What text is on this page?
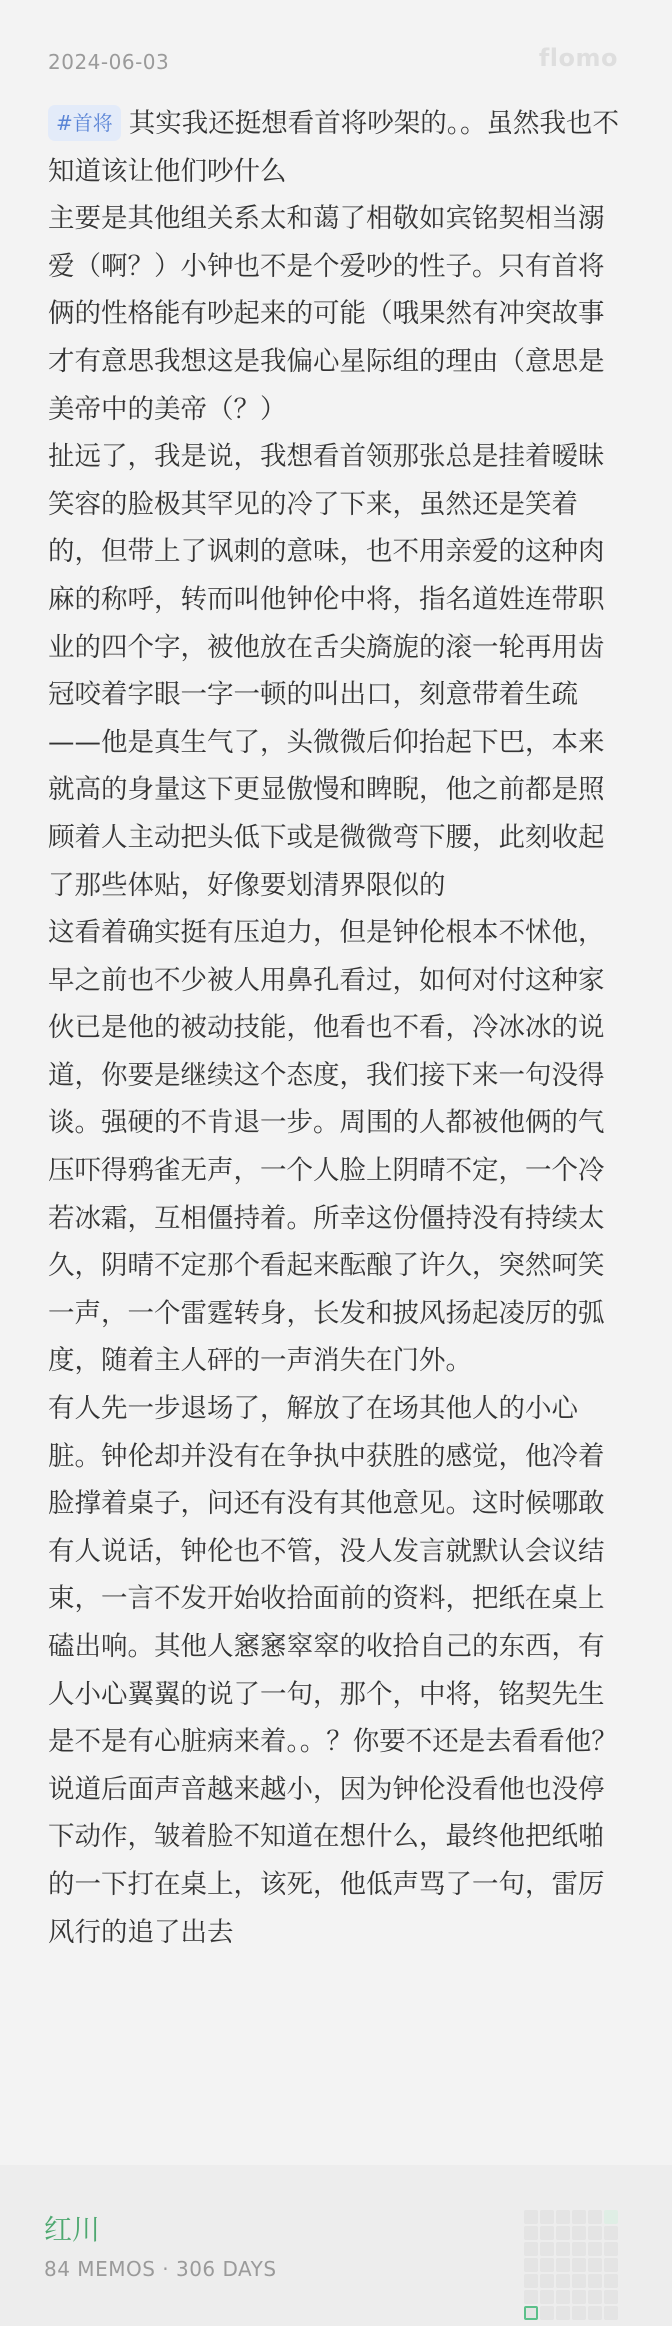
2024-06-03	flomo

#首将 其实我还挺想看首将吵架的。。虽然我也不知道该让他们吵什么

主要是其他组关系太和蔼了相敬如宾铭契相当溺爱（啊？）小钟也不是个爱吵的性子。只有首将俩的性格能有吵起来的可能（哦果然有冲突故事才有意思我想这是我偏心星际组的理由（意思是美帝中的美帝（？）

扯远了，我是说，我想看首领那张总是挂着暧昧笑容的脸极其罕见的冷了下来，虽然还是笑着的，但带上了讽刺的意味，也不用亲爱的这种肉麻的称呼，转而叫他钟伦中将，指名道姓连带职业的四个字，被他放在舌尖旖旎的滚一轮再用齿冠咬着字眼一字一顿的叫出口，刻意带着生疏——他是真生气了，头微微后仰抬起下巴，本来就高的身量这下更显傲慢和睥睨，他之前都是照顾着人主动把头低下或是微微弯下腰，此刻收起了那些体贴，好像要划清界限似的

这看着确实挺有压迫力，但是钟伦根本不怵他，早之前也不少被人用鼻孔看过，如何对付这种家伙已是他的被动技能，他看也不看，冷冰冰的说道，你要是继续这个态度，我们接下来一句没得谈。强硬的不肯退一步。周围的人都被他俩的气压吓得鸦雀无声，一个人脸上阴晴不定，一个冷若冰霜，互相僵持着。所幸这份僵持没有持续太久，阴晴不定那个看起来酝酿了许久，突然呵笑一声，一个雷霆转身，长发和披风扬起凌厉的弧度，随着主人砰的一声消失在门外。

有人先一步退场了，解放了在场其他人的小心脏。钟伦却并没有在争执中获胜的感觉，他冷着脸撑着桌子，问还有没有其他意见。这时候哪敢有人说话，钟伦也不管，没人发言就默认会议结束，一言不发开始收拾面前的资料，把纸在桌上磕出响。其他人窸窸窣窣的收拾自己的东西，有人小心翼翼的说了一句，那个，中将，铭契先生是不是有心脏病来着。。？你要不还是去看看他？

说道后面声音越来越小，因为钟伦没看他也没停下动作，皱着脸不知道在想什么，最终他把纸啪的一下打在桌上，该死，他低声骂了一句，雷厉风行的追了出去

红川
84 MEMOS · 306 DAYS
